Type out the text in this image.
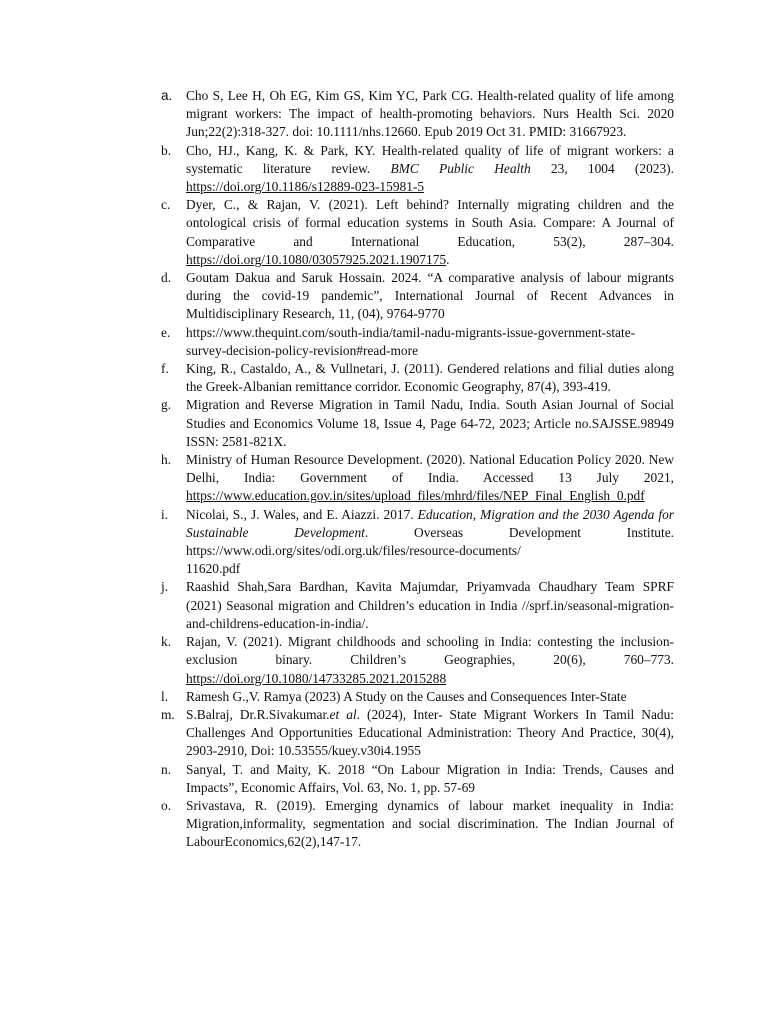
a.	Cho S, Lee H, Oh EG, Kim GS, Kim YC, Park CG. Health-related quality of life among migrant workers: The impact of health-promoting behaviors. Nurs Health Sci. 2020 Jun;22(2):318-327. doi: 10.1111/nhs.12660. Epub 2019 Oct 31. PMID: 31667923.
b.	Cho, HJ., Kang, K. & Park, KY. Health-related quality of life of migrant workers: a systematic literature review. BMC Public Health 23, 1004 (2023). https://doi.org/10.1186/s12889-023-15981-5
c.	Dyer, C., & Rajan, V. (2021). Left behind? Internally migrating children and the ontological crisis of formal education systems in South Asia. Compare: A Journal of Comparative and International Education, 53(2), 287–304. https://doi.org/10.1080/03057925.2021.1907175.
d.	Goutam Dakua and Saruk Hossain. 2024. “A comparative analysis of labour migrants during the covid-19 pandemic”, International Journal of Recent Advances in Multidisciplinary Research, 11, (04), 9764-9770
e.	https://www.thequint.com/south-india/tamil-nadu-migrants-issue-government-state-survey-decision-policy-revision#read-more
f.	King, R., Castaldo, A., & Vullnetari, J. (2011). Gendered relations and filial duties along the Greek-Albanian remittance corridor. Economic Geography, 87(4), 393-419.
g.	Migration and Reverse Migration in Tamil Nadu, India. South Asian Journal of Social Studies and Economics Volume 18, Issue 4, Page 64-72, 2023; Article no.SAJSSE.98949 ISSN: 2581-821X.
h.	Ministry of Human Resource Development. (2020). National Education Policy 2020. New Delhi, India: Government of India. Accessed 13 July 2021, https://www.education.gov.in/sites/upload_files/mhrd/files/NEP_Final_English_0.pdf
i.	Nicolai, S., J. Wales, and E. Aiazzi. 2017. Education, Migration and the 2030 Agenda for Sustainable Development. Overseas Development Institute. https://www.odi.org/sites/odi.org.uk/files/resource-documents/
11620.pdf
j.	Raashid Shah,Sara Bardhan, Kavita Majumdar, Priyamvada Chaudhary Team SPRF (2021) Seasonal migration and Children’s education in India //sprf.in/seasonal-migration-and-childrens-education-in-india/.
k.	Rajan, V. (2021). Migrant childhoods and schooling in India: contesting the inclusion-exclusion binary. Children’s Geographies, 20(6), 760–773. https://doi.org/10.1080/14733285.2021.2015288
l.	Ramesh G.,V. Ramya (2023) A Study on the Causes and Consequences Inter-State
m. S.Balraj, Dr.R.Sivakumar.et al. (2024), Inter- State Migrant Workers In Tamil Nadu: Challenges And Opportunities Educational Administration: Theory And Practice, 30(4), 2903-2910, Doi: 10.53555/kuey.v30i4.1955
n.	Sanyal, T. and Maity, K. 2018 “On Labour Migration in India: Trends, Causes and Impacts”, Economic Affairs, Vol. 63, No. 1, pp. 57-69
o.	Srivastava, R. (2019). Emerging dynamics of labour market inequality in India: Migration,informality, segmentation and social discrimination. The Indian Journal of LabourEconomics,62(2),147-17.
